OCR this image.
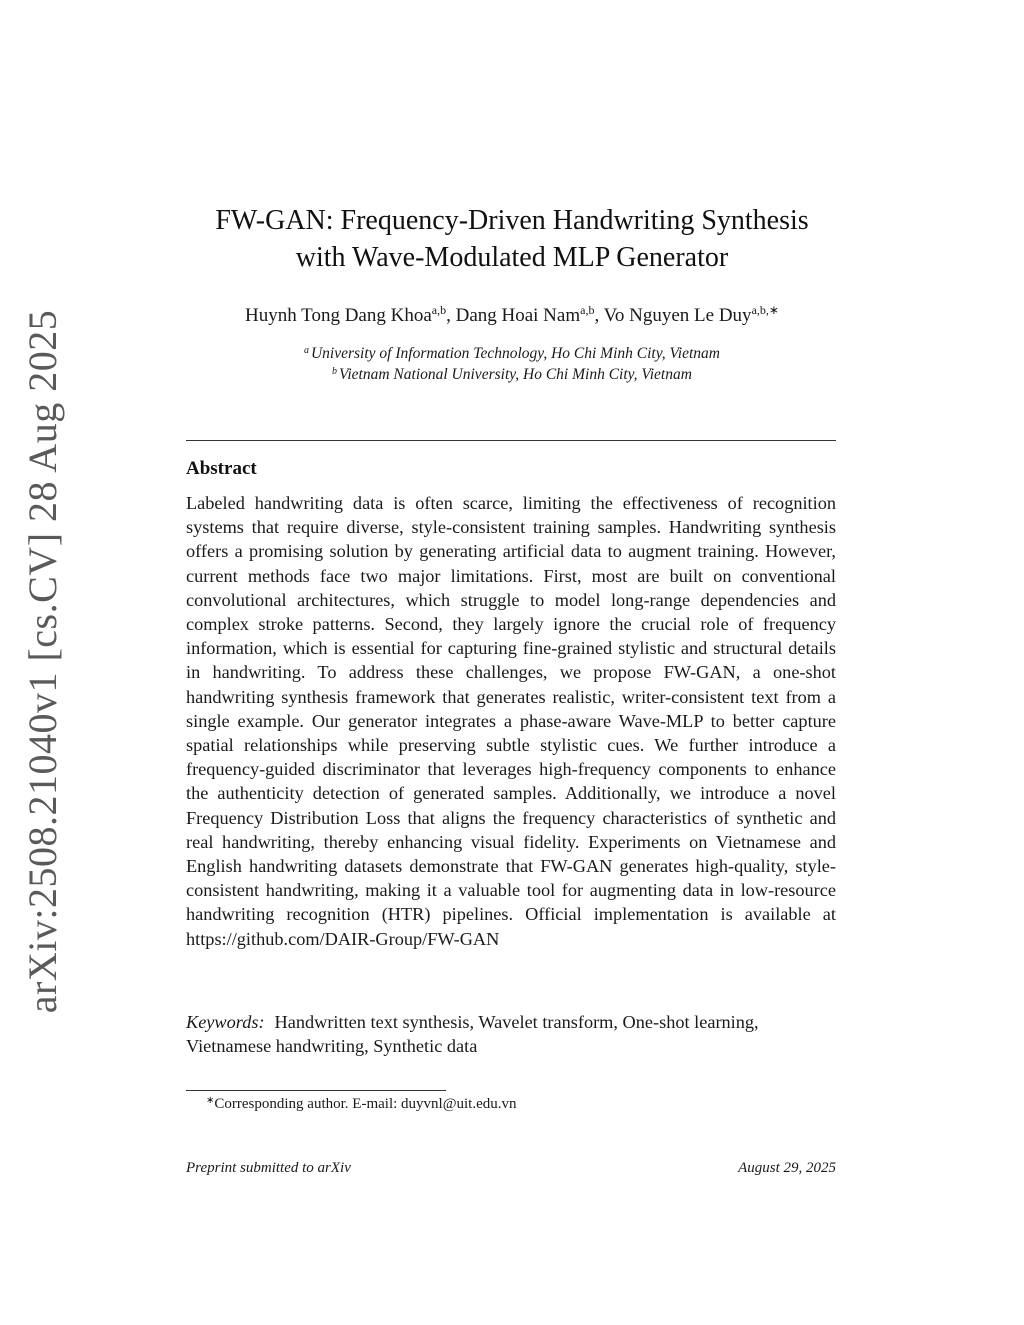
arXiv:2508.21040v1 [cs.CV] 28 Aug 2025
FW-GAN: Frequency-Driven Handwriting Synthesis
with Wave-Modulated MLP Generator
Huynh Tong Dang Khoa$^{a,b}$, Dang Hoai Nam$^{a,b}$, Vo Nguyen Le Duy$^{a,b,∗}$
$^a$ University of Information Technology, Ho Chi Minh City, Vietnam
$^b$ Vietnam National University, Ho Chi Minh City, Vietnam
Abstract
Labeled handwriting data is often scarce, limiting the effectiveness of recognition systems that require diverse, style-consistent training samples. Handwriting synthesis offers a promising solution by generating artificial data to augment training. However, current methods face two major limitations. First, most are built on conventional convolutional architectures, which struggle to model long-range dependencies and complex stroke patterns. Second, they largely ignore the crucial role of frequency information, which is essential for capturing fine-grained stylistic and structural details in handwriting. To address these challenges, we propose FW-GAN, a one-shot handwriting synthesis framework that generates realistic, writer-consistent text from a single example. Our generator integrates a phase-aware Wave-MLP to better capture spatial relationships while preserving subtle stylistic cues. We further introduce a frequency-guided discriminator that leverages high-frequency components to enhance the authenticity detection of generated samples. Additionally, we introduce a novel Frequency Distribution Loss that aligns the frequency characteristics of synthetic and real handwriting, thereby enhancing visual fidelity. Experiments on Vietnamese and English handwriting datasets demonstrate that FW-GAN generates high-quality, style-consistent handwriting, making it a valuable tool for augmenting data in low-resource handwriting recognition (HTR) pipelines. Official implementation is available at https://github.com/DAIR-Group/FW-GAN
Keywords: Handwritten text synthesis, Wavelet transform, One-shot learning, Vietnamese handwriting, Synthetic data
∗Corresponding author. E-mail: duyvnl@uit.edu.vn
Preprint submitted to arXiv	August 29, 2025
